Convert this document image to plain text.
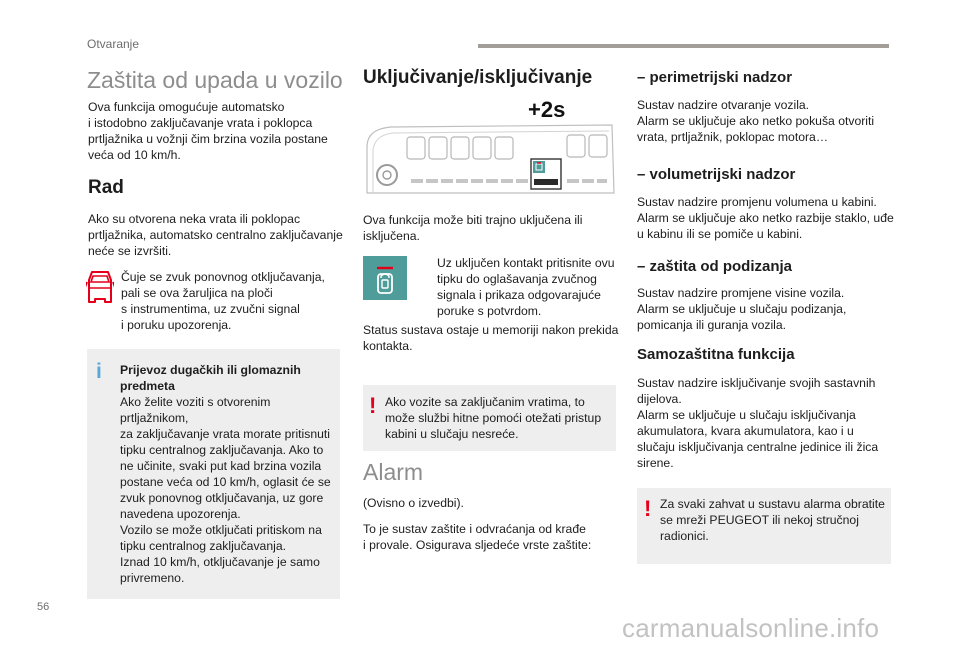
Otvaranje
56
carmanualsonline.info
Zaštita od upada u vozilo

Ova funkcija omogućuje automatsko

i istodobno zaključavanje vrata i poklopca

prtljažnika u vožnji čim brzina vozila postane

veća od 10 km/h.

Rad

Ako su otvorena neka vrata ili poklopac

prtljažnika, automatsko centralno zaključavanje

neće se izvršiti.

Čuje se zvuk ponovnog otključavanja,

pali se ova žaruljica na ploči

s instrumentima, uz zvučni signal

i poruku upozorenja.

i Prijevoz dugačkih ili glomaznih

predmeta

Ako želite voziti s otvorenim prtljažnikom,

za zaključavanje vrata morate pritisnuti

tipku centralnog zaključavanja. Ako to

ne učinite, svaki put kad brzina vozila

postane veća od 10 km/h, oglasit će se

zvuk ponovnog otključavanja, uz gore

navedena upozorenja.

Vozilo se može otključati pritiskom na

tipku centralnog zaključavanja.

Iznad 10 km/h, otključavanje je samo

privremeno.

Uključivanje/isključivanje
+2s

Ova funkcija može biti trajno uključena ili

isključena.

Uz uključen kontakt pritisnite ovu

tipku do oglašavanja zvučnog

signala i prikaza odgovarajuće

poruke s potvrdom.

Status sustava ostaje u memoriji nakon prekida

kontakta.

! Ako vozite sa zaključanim vratima, to

može službi hitne pomoći otežati pristup

kabini u slučaju nesreće.

Alarm

(Ovisno o izvedbi).

To je sustav zaštite i odvraćanja od krađe

i provale. Osigurava sljedeće vrste zaštite:

– perimetrijski nadzor

Sustav nadzire otvaranje vozila.

Alarm se uključuje ako netko pokuša otvoriti

vrata, prtljažnik, poklopac motora…

– volumetrijski nadzor

Sustav nadzire promjenu volumena u kabini.

Alarm se uključuje ako netko razbije staklo, uđe

u kabinu ili se pomiče u kabini.

– zaštita od podizanja

Sustav nadzire promjene visine vozila.

Alarm se uključuje u slučaju podizanja,

pomicanja ili guranja vozila.

Samozaštitna funkcija

Sustav nadzire isključivanje svojih sastavnih

dijelova.

Alarm se uključuje u slučaju isključivanja

akumulatora, kvara akumulatora, kao i u

slučaju isključivanja centralne jedinice ili žica

sirene.

! Za svaki zahvat u sustavu alarma obratite

se mreži PEUGEOT ili nekoj stručnoj

radionici.
